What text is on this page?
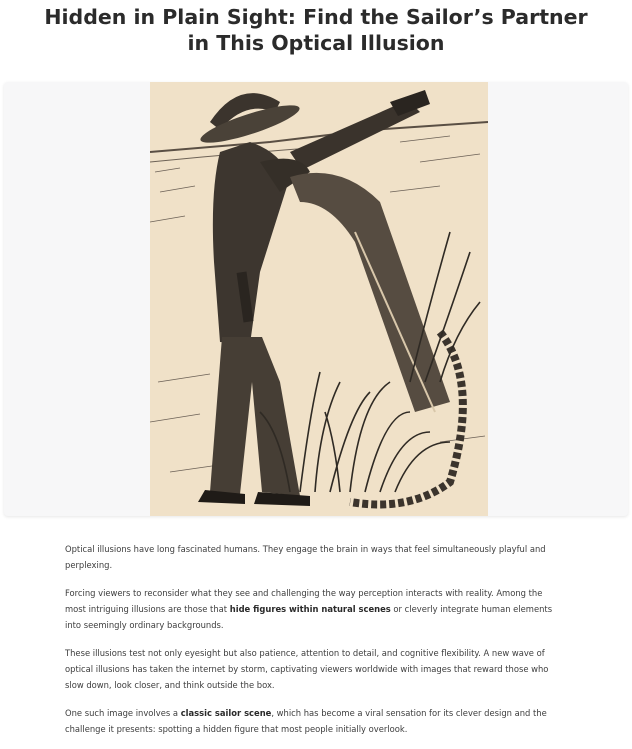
Hidden in Plain Sight: Find the Sailor’s Partner in This Optical Illusion

Optical illusions have long fascinated humans. They engage the brain in ways that feel simultaneously playful and perplexing.

Forcing viewers to reconsider what they see and challenging the way perception interacts with reality. Among the most intriguing illusions are those that hide figures within natural scenes or cleverly integrate human elements into seemingly ordinary backgrounds.

These illusions test not only eyesight but also patience, attention to detail, and cognitive flexibility. A new wave of optical illusions has taken the internet by storm, captivating viewers worldwide with images that reward those who slow down, look closer, and think outside the box.

One such image involves a classic sailor scene, which has become a viral sensation for its clever design and the challenge it presents: spotting a hidden figure that most people initially overlook.
